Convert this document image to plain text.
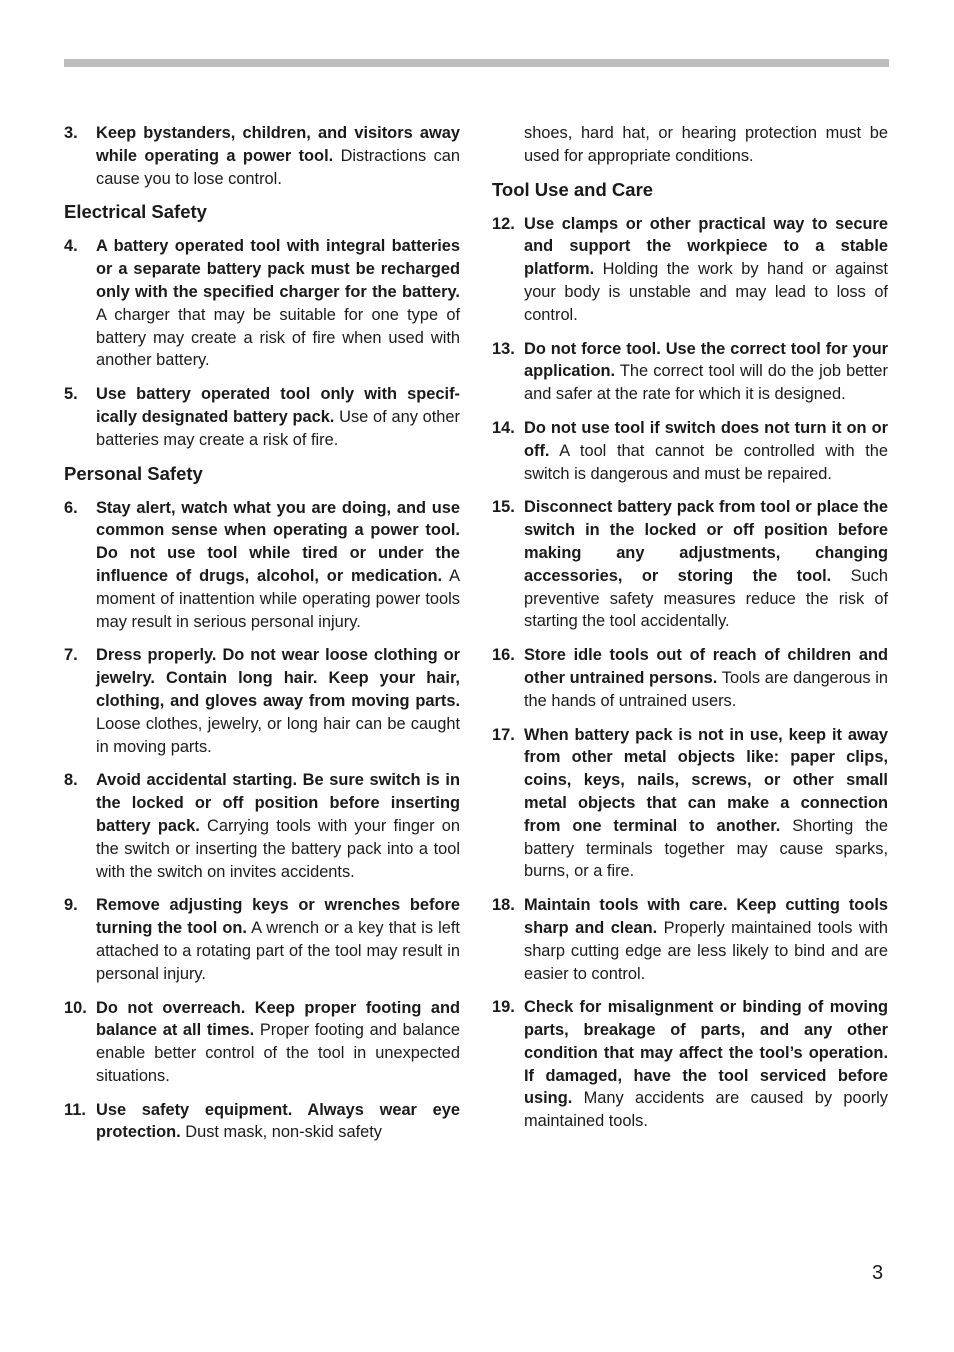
3. Keep bystanders, children, and visitors away while operating a power tool. Distractions can cause you to lose control.
Electrical Safety
4. A battery operated tool with integral batteries or a separate battery pack must be recharged only with the specified charger for the battery. A charger that may be suitable for one type of battery may create a risk of fire when used with another battery.
5. Use battery operated tool only with specifically designated battery pack. Use of any other batteries may create a risk of fire.
Personal Safety
6. Stay alert, watch what you are doing, and use common sense when operating a power tool. Do not use tool while tired or under the influence of drugs, alcohol, or medication. A moment of inattention while operating power tools may result in serious personal injury.
7. Dress properly. Do not wear loose clothing or jewelry. Contain long hair. Keep your hair, clothing, and gloves away from moving parts. Loose clothes, jewelry, or long hair can be caught in moving parts.
8. Avoid accidental starting. Be sure switch is in the locked or off position before inserting battery pack. Carrying tools with your finger on the switch or inserting the battery pack into a tool with the switch on invites accidents.
9. Remove adjusting keys or wrenches before turning the tool on. A wrench or a key that is left attached to a rotating part of the tool may result in personal injury.
10. Do not overreach. Keep proper footing and balance at all times. Proper footing and balance enable better control of the tool in unexpected situations.
11. Use safety equipment. Always wear eye protection. Dust mask, non-skid safety
shoes, hard hat, or hearing protection must be used for appropriate conditions.
Tool Use and Care
12. Use clamps or other practical way to secure and support the workpiece to a stable platform. Holding the work by hand or against your body is unstable and may lead to loss of control.
13. Do not force tool. Use the correct tool for your application. The correct tool will do the job better and safer at the rate for which it is designed.
14. Do not use tool if switch does not turn it on or off. A tool that cannot be controlled with the switch is dangerous and must be repaired.
15. Disconnect battery pack from tool or place the switch in the locked or off position before making any adjustments, changing accessories, or storing the tool. Such preventive safety measures reduce the risk of starting the tool accidentally.
16. Store idle tools out of reach of children and other untrained persons. Tools are dangerous in the hands of untrained users.
17. When battery pack is not in use, keep it away from other metal objects like: paper clips, coins, keys, nails, screws, or other small metal objects that can make a connection from one terminal to another. Shorting the battery terminals together may cause sparks, burns, or a fire.
18. Maintain tools with care. Keep cutting tools sharp and clean. Properly maintained tools with sharp cutting edge are less likely to bind and are easier to control.
19. Check for misalignment or binding of moving parts, breakage of parts, and any other condition that may affect the tool’s operation. If damaged, have the tool serviced before using. Many accidents are caused by poorly maintained tools.
3
